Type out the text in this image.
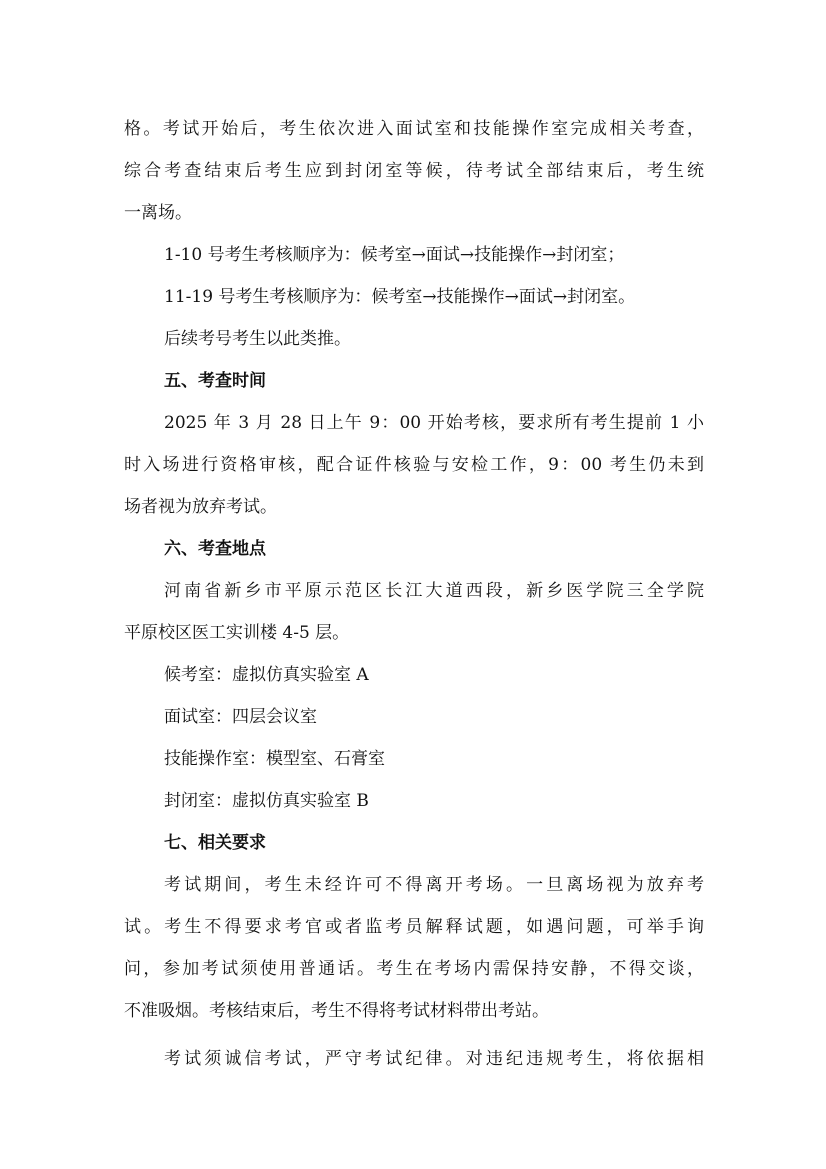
格。考试开始后，考生依次进入面试室和技能操作室完成相关考查，
综合考查结束后考生应到封闭室等候，待考试全部结束后，考生统
一离场。
1-10 号考生考核顺序为：候考室→面试→技能操作→封闭室；
11-19 号考生考核顺序为：候考室→技能操作→面试→封闭室。
后续考号考生以此类推。
五、考查时间
2025 年 3 月 28 日上午 9：00 开始考核，要求所有考生提前 1 小
时入场进行资格审核，配合证件核验与安检工作，9：00 考生仍未到
场者视为放弃考试。
六、考查地点
河南省新乡市平原示范区长江大道西段，新乡医学院三全学院
平原校区医工实训楼 4-5 层。
候考室：虚拟仿真实验室 A
面试室：四层会议室
技能操作室：模型室、石膏室
封闭室：虚拟仿真实验室 B
七、相关要求
考试期间，考生未经许可不得离开考场。一旦离场视为放弃考
试。考生不得要求考官或者监考员解释试题，如遇问题，可举手询
问，参加考试须使用普通话。考生在考场内需保持安静，不得交谈，
不准吸烟。考核结束后，考生不得将考试材料带出考站。
考试须诚信考试，严守考试纪律。对违纪违规考生，将依据相
